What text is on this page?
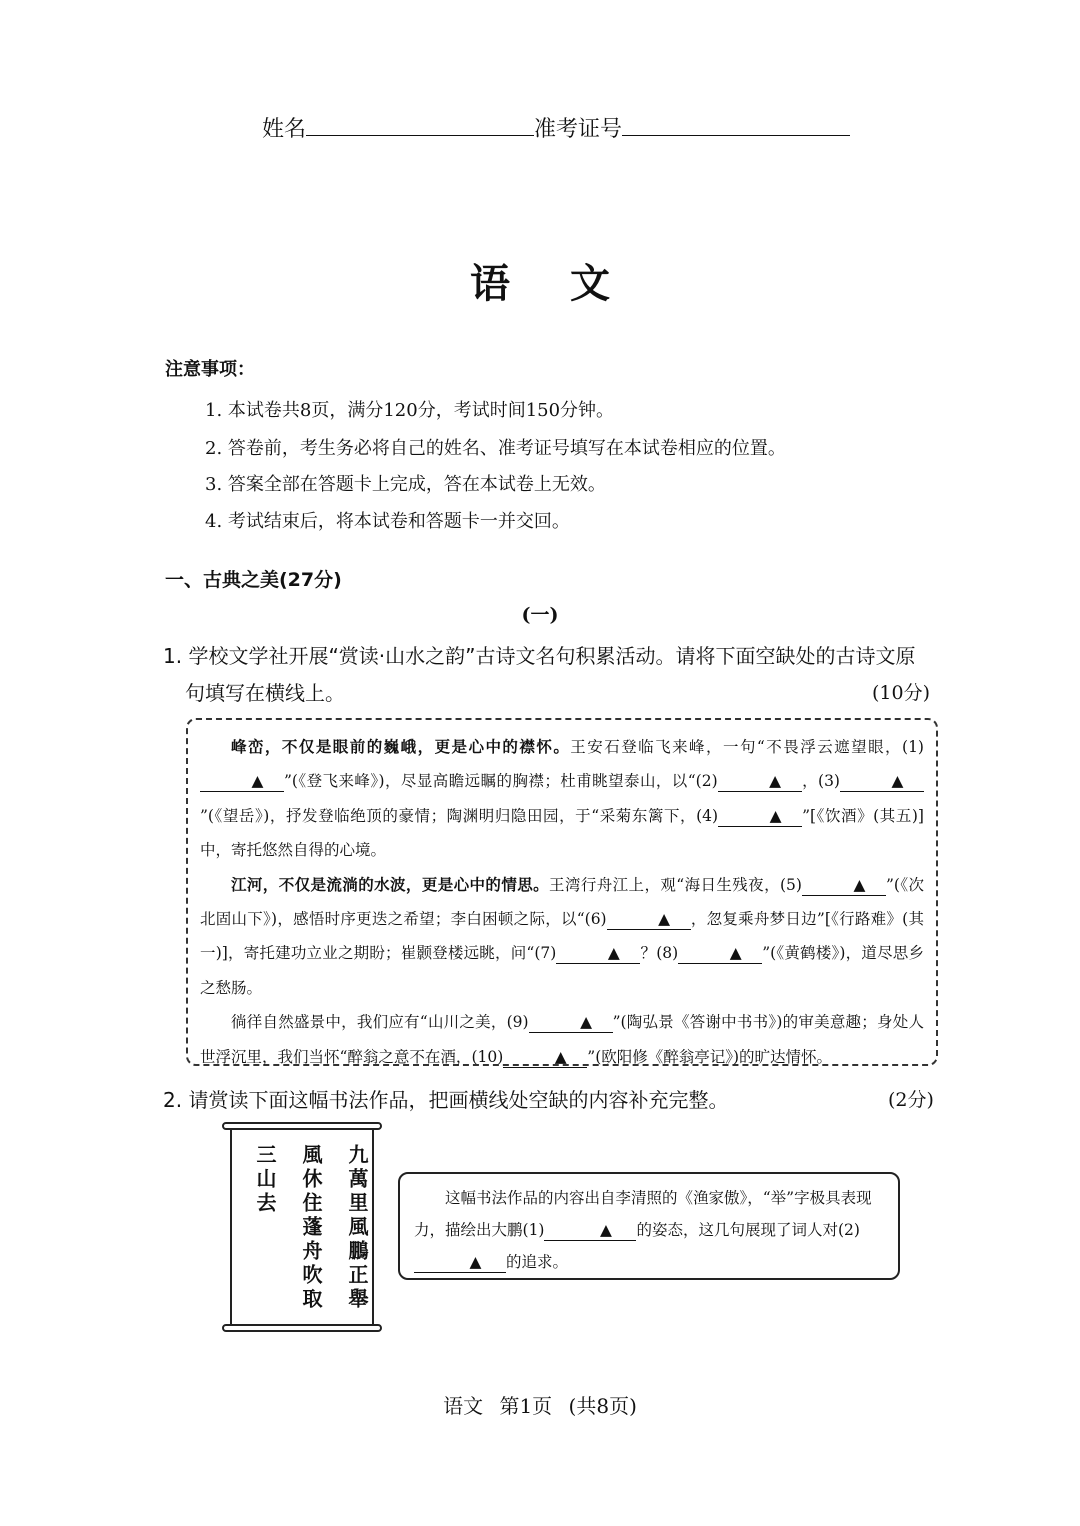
姓名	准考证号
语文
注意事项：
1. 本试卷共8页，满分120分，考试时间150分钟。
2. 答卷前，考生务必将自己的姓名、准考证号填写在本试卷相应的位置。
3. 答案全部在答题卡上完成，答在本试卷上无效。
4. 考试结束后，将本试卷和答题卡一并交回。
一、古典之美(27分)
(一)
1. 学校文学社开展“赏读·山水之韵”古诗文名句积累活动。请将下面空缺处的古诗文原
句填写在横线上。	(10分)

峰峦，不仅是眼前的巍峨，更是心中的襟怀。王安石登临飞来峰，一句“不畏浮云遮望眼，(1)▲ ”(《登飞来峰》)，尽显高瞻远瞩的胸襟；杜甫眺望泰山，以“(2)	▲ ，(3)	▲”(《望岳》)，抒发登临绝顶的豪情；陶渊明归隐田园，于“采菊东篱下，(4)	▲ ”[《饮酒》(其五)]中，寄托悠然自得的心境。

江河，不仅是流淌的水波，更是心中的情思。王湾行舟江上，观“海日生残夜，(5)	▲ ”(《次北固山下》)，感悟时序更迭之希望；李白困顿之际，以“(6)	▲ ，忽复乘舟梦日边”[《行路难》(其一)]，寄托建功立业之期盼；崔颢登楼远眺，问“(7)	▲ ？(8)	▲ ”(《黄鹤楼》)，道尽思乡之愁肠。

徜徉自然盛景中，我们应有“山川之美，(9)	▲ ”(陶弘景《答谢中书书》)的审美意趣；身处人世浮沉里，我们当怀“醉翁之意不在酒，(10)	▲ ”(欧阳修《醉翁亭记》)的旷达情怀。

2. 请赏读下面这幅书法作品，把画横线处空缺的内容补充完整。	(2分)
九萬里風鵬正舉
風休住蓬舟吹取
三山去	这幅书法作品的内容出自李清照的《渔家傲》，“举”字极具表现力，描绘出大鹏(1)	▲ 的姿态，这几句展现了词人对(2)▲ 的追求。

语文 第1页 (共8页)
